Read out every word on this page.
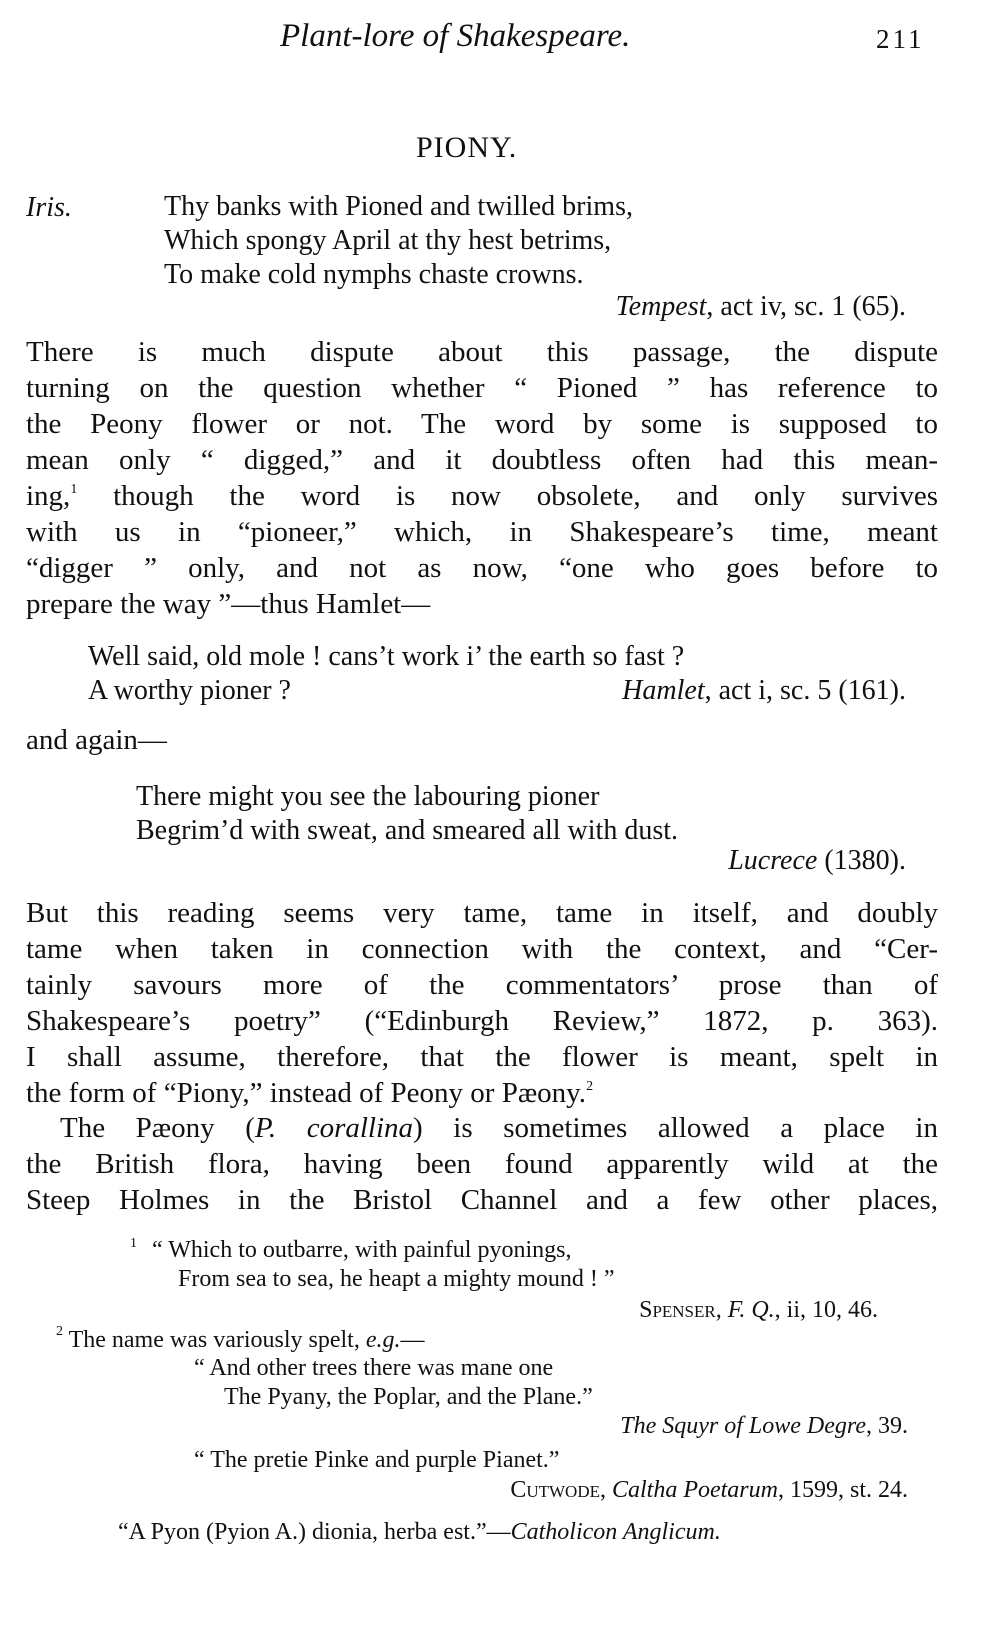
Plant-lore of Shakespeare.	211
PIONY.
Iris.	Thy banks with Pioned and twilled brims,
Which spongy April at thy hest betrims,
To make cold nymphs chaste crowns.
Tempest, act iv, sc. 1 (65).
There is much dispute about this passage, the dispute
turning on the question whether “ Pioned ” has reference to
the Peony flower or not. The word by some is supposed to
mean only “ digged,” and it doubtless often had this mean-
ing,$^1$ though the word is now obsolete, and only survives
with us in “pioneer,” which, in Shakespeare’s time, meant
“digger ” only, and not as now, “one who goes before to
prepare the way ”—thus Hamlet—
Well said, old mole ! cans’t work i’ the earth so fast ?
A worthy pioner ?	Hamlet, act i, sc. 5 (161).
and again—
There might you see the labouring pioner
Begrim’d with sweat, and smeared all with dust.
Lucrece (1380).
But this reading seems very tame, tame in itself, and doubly
tame when taken in connection with the context, and “Cer-
tainly savours more of the commentators’ prose than of
Shakespeare’s poetry” (“Edinburgh Review,” 1872, p. 363).
I shall assume, therefore, that the flower is meant, spelt in
the form of “Piony,” instead of Peony or Pæony.$^2$
The Pæony (P. corallina) is sometimes allowed a place in
the British flora, having been found apparently wild at the
Steep Holmes in the Bristol Channel and a few other places,
$^1$ “ Which to outbarre, with painful pyonings,
From sea to sea, he heapt a mighty mound ! ”
Spenser, F. Q., ii, 10, 46.
$^2$ The name was variously spelt, e.g.—
“ And other trees there was mane one
The Pyany, the Poplar, and the Plane.”
The Squyr of Lowe Degre, 39.
“ The pretie Pinke and purple Pianet.”
Cutwode, Caltha Poetarum, 1599, st. 24.
“A Pyon (Pyion A.) dionia, herba est.”—Catholicon Anglicum.
